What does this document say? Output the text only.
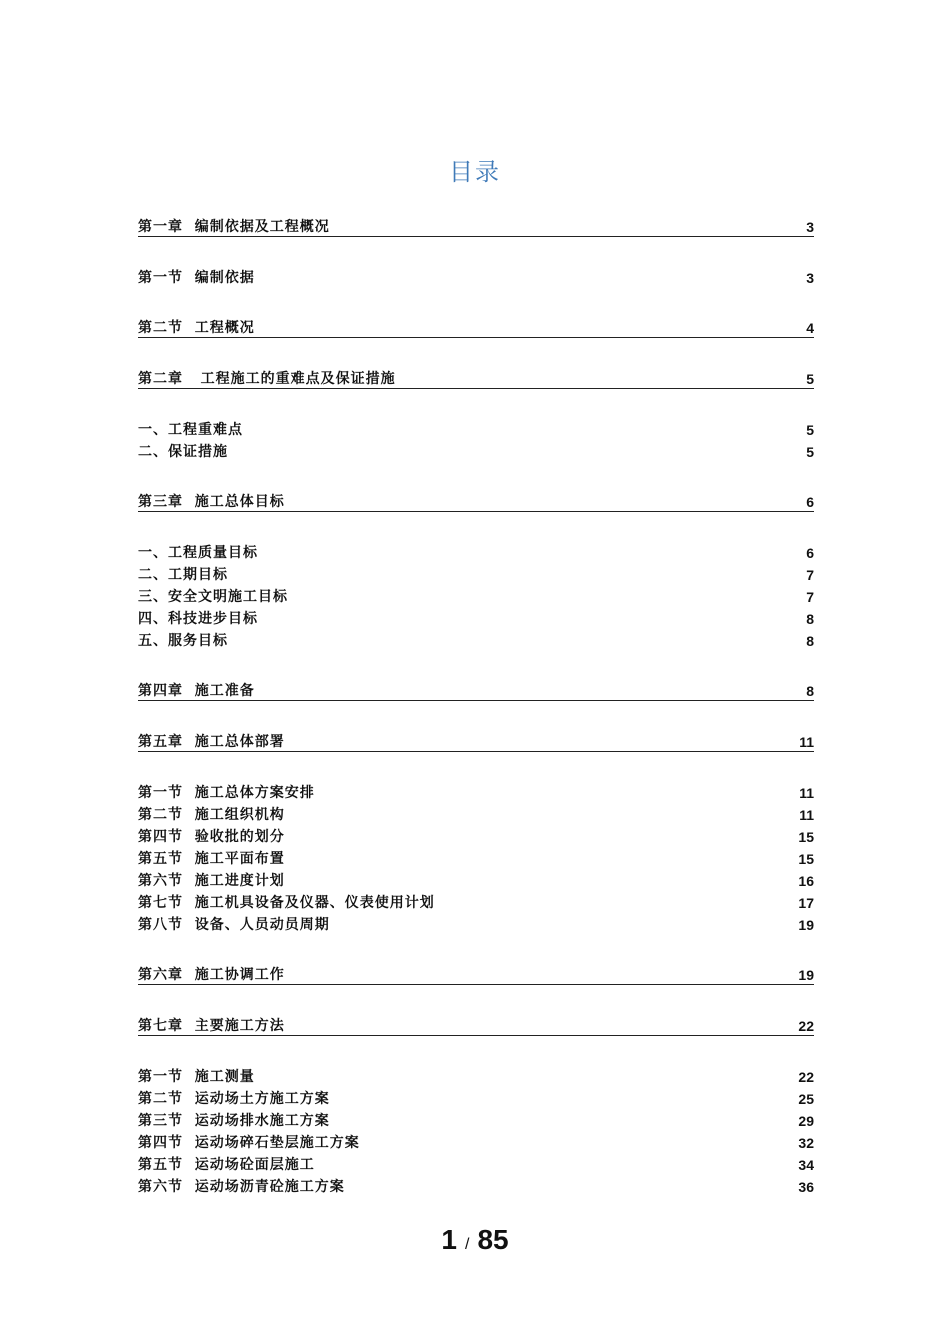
目录
第一章  编制依据及工程概况	3
第一节  编制依据	3
第二节  工程概况	4
第二章   工程施工的重难点及保证措施	5
一、工程重难点	5
二、保证措施	5
第三章  施工总体目标	6
一、工程质量目标	6
二、工期目标	7
三、安全文明施工目标	7
四、科技进步目标	8
五、服务目标	8
第四章  施工准备	8
第五章  施工总体部署	11
第一节  施工总体方案安排	11
第二节  施工组织机构	11
第四节  验收批的划分	15
第五节  施工平面布置	15
第六节  施工进度计划	16
第七节  施工机具设备及仪器、仪表使用计划	17
第八节  设备、人员动员周期	19
第六章  施工协调工作	19
第七章  主要施工方法	22
第一节  施工测量	22
第二节  运动场土方施工方案	25
第三节  运动场排水施工方案	29
第四节  运动场碎石垫层施工方案	32
第五节  运动场砼面层施工	34
第六节  运动场沥青砼施工方案	36
1 / 85
